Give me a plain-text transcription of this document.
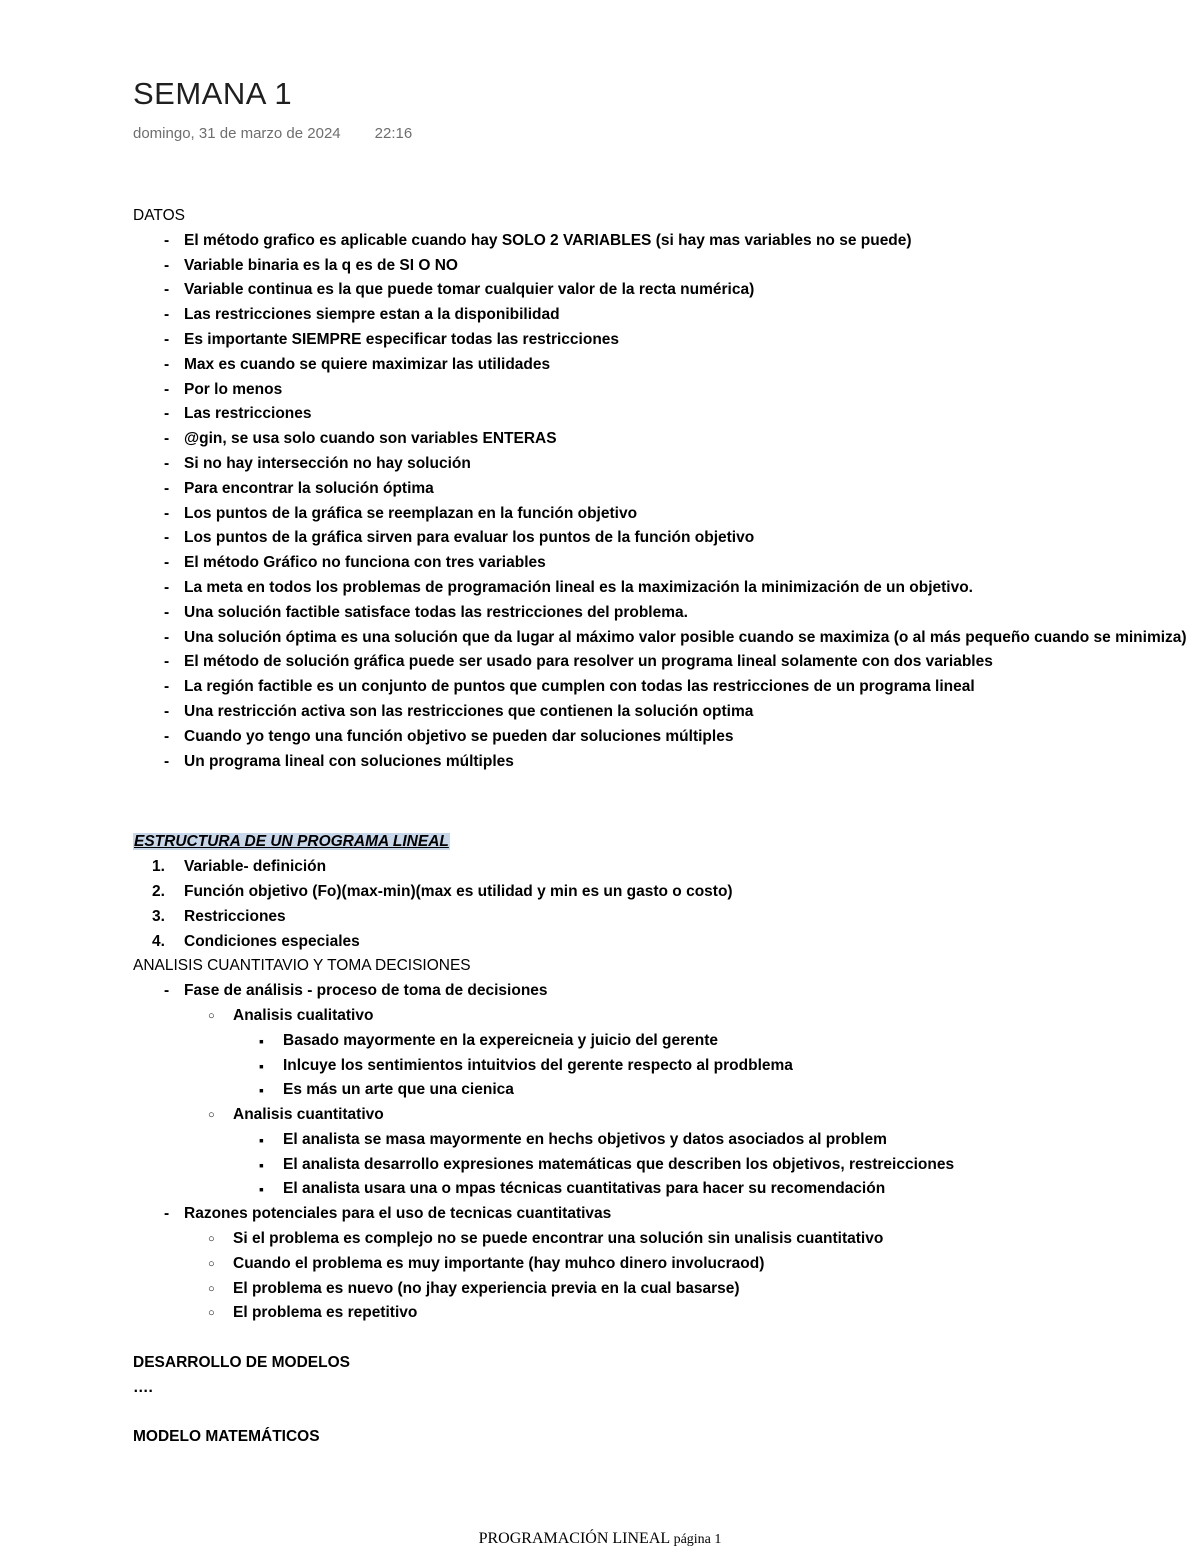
SEMANA 1
domingo, 31 de marzo de 2024 22:16
DATOS
- El método grafico es aplicable cuando hay SOLO 2 VARIABLES (si hay mas variables no se puede)
- Variable binaria es la q es de SI O NO
- Variable continua es la que puede tomar cualquier valor de la recta numérica)
- Las restricciones siempre estan a la disponibilidad
- Es importante SIEMPRE especificar todas las restricciones
- Max es cuando se quiere maximizar las utilidades
- Por lo menos
- Las restricciones
- @gin, se usa solo cuando son variables ENTERAS
- Si no hay intersección no hay solución
- Para encontrar la solución óptima
- Los puntos de la gráfica se reemplazan en la función objetivo
- Los puntos de la gráfica sirven para evaluar los puntos de la función objetivo
- El método Gráfico no funciona con tres variables
- La meta en todos los problemas de programación lineal es la maximización la minimización de un objetivo.
- Una solución factible satisface todas las restricciones del problema.
- Una solución óptima es una solución que da lugar al máximo valor posible cuando se maximiza (o al más pequeño cuando se minimiza)
- El método de solución gráfica puede ser usado para resolver un programa lineal solamente con dos variables
- La región factible es un conjunto de puntos que cumplen con todas las restricciones de un programa lineal
- Una restricción activa son las restricciones que contienen la solución optima
- Cuando yo tengo una función objetivo se pueden dar soluciones múltiples
- Un programa lineal con soluciones múltiples
ESTRUCTURA DE UN PROGRAMA LINEAL
1. Variable- definición
2. Función objetivo (Fo)(max-min)(max es utilidad y min es un gasto o costo)
3. Restricciones
4. Condiciones especiales
ANALISIS CUANTITAVIO Y TOMA DECISIONES
- Fase de análisis - proceso de toma de decisiones
○ Analisis cualitativo
▪ Basado mayormente en la expereicneia y juicio del gerente
▪ Inlcuye los sentimientos intuitvios del gerente respecto al prodblema
▪ Es más un arte que una cienica
○ Analisis cuantitativo
▪ El analista se masa mayormente en hechs objetivos y datos asociados al problem
▪ El analista desarrollo expresiones matemáticas que describen los objetivos, restreicciones
▪ El analista usara una o mpas técnicas cuantitativas para hacer su recomendación
- Razones potenciales para el uso de tecnicas cuantitativas
○ Si el problema es complejo no se puede encontrar una solución sin unalisis cuantitativo
○ Cuando el problema es muy importante (hay muhco dinero involucraod)
○ El problema es nuevo (no jhay experiencia previa en la cual basarse)
○ El problema es repetitivo
DESARROLLO DE MODELOS
….
MODELO MATEMÁTICOS
PROGRAMACIÓN LINEAL página 1
